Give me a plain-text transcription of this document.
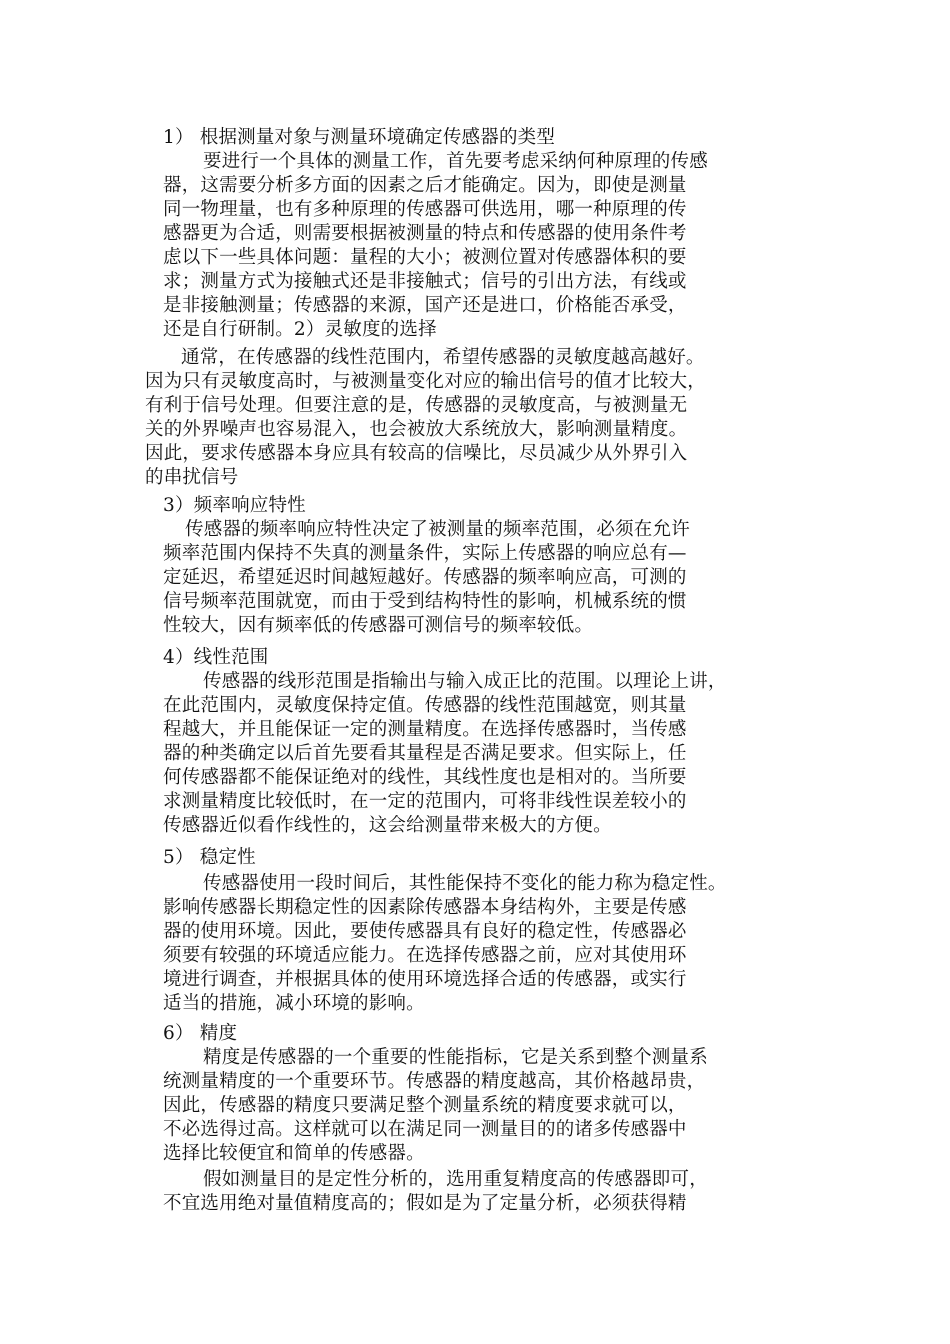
1） 根据测量对象与测量环境确定传感器的类型
要进行一个具体的测量工作，首先要考虑采纳何种原理的传感
器，这需要分析多方面的因素之后才能确定。因为，即使是测量
同一物理量，也有多种原理的传感器可供选用，哪一种原理的传
感器更为合适，则需要根据被测量的特点和传感器的使用条件考
虑以下一些具体问题：量程的大小；被测位置对传感器体积的要
求；测量方式为接触式还是非接触式；信号的引出方法，有线或
是非接触测量；传感器的来源，国产还是进口，价格能否承受，
还是自行研制。2）灵敏度的选择
通常，在传感器的线性范围内，希望传感器的灵敏度越高越好。
因为只有灵敏度高时，与被测量变化对应的输出信号的值才比较大，
有利于信号处理。但要注意的是，传感器的灵敏度高，与被测量无
关的外界噪声也容易混入，也会被放大系统放大，影响测量精度。
因此，要求传感器本身应具有较高的信噪比，尽员减少从外界引入
的串扰信号
3）频率响应特性
传感器的频率响应特性决定了被测量的频率范围，必须在允许
频率范围内保持不失真的测量条件，实际上传感器的响应总有—
定延迟，希望延迟时间越短越好。传感器的频率响应高，可测的
信号频率范围就宽，而由于受到结构特性的影响，机械系统的惯
性较大，因有频率低的传感器可测信号的频率较低。
4）线性范围
传感器的线形范围是指输出与输入成正比的范围。以理论上讲，
在此范围内，灵敏度保持定值。传感器的线性范围越宽，则其量
程越大，并且能保证一定的测量精度。在选择传感器时，当传感
器的种类确定以后首先要看其量程是否满足要求。但实际上，任
何传感器都不能保证绝对的线性，其线性度也是相对的。当所要
求测量精度比较低时，在一定的范围内，可将非线性误差较小的
传感器近似看作线性的，这会给测量带来极大的方便。
5） 稳定性
传感器使用一段时间后，其性能保持不变化的能力称为稳定性。
影响传感器长期稳定性的因素除传感器本身结构外，主要是传感
器的使用环境。因此，要使传感器具有良好的稳定性，传感器必
须要有较强的环境适应能力。在选择传感器之前，应对其使用环
境进行调查，并根据具体的使用环境选择合适的传感器，或实行
适当的措施，减小环境的影响。
6） 精度
精度是传感器的一个重要的性能指标，它是关系到整个测量系
统测量精度的一个重要环节。传感器的精度越高，其价格越昂贵，
因此，传感器的精度只要满足整个测量系统的精度要求就可以，
不必选得过高。这样就可以在满足同一测量目的的诸多传感器中
选择比较便宜和简单的传感器。
假如测量目的是定性分析的，选用重复精度高的传感器即可，
不宜选用绝对量值精度高的；假如是为了定量分析，必须获得精
